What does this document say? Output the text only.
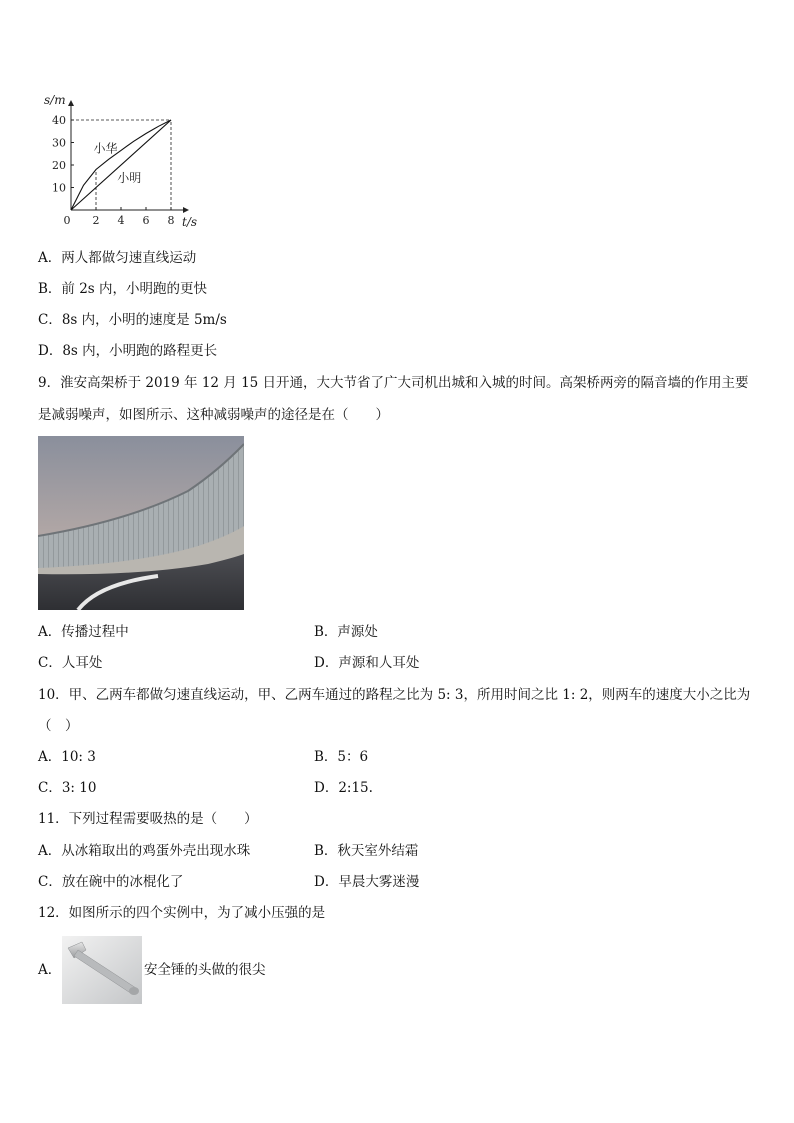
t/s
s/m
0 2 4 6 8
10
20
30
40
小华
小明
A．两人都做匀速直线运动
B．前 2s 内，小明跑的更快
C．8s 内，小明的速度是 5m/s
D．8s 内，小明跑的路程更长
9．淮安高架桥于 2019 年 12 月 15 日开通，大大节省了广大司机出城和入城的时间。高架桥两旁的隔音墙的作用主要
是减弱噪声，如图所示、这种减弱噪声的途径是在（　　）
A．传播过程中	B．声源处
C．人耳处	D．声源和人耳处
10．甲、乙两车都做匀速直线运动，甲、乙两车通过的路程之比为 5: 3，所用时间之比 1: 2，则两车的速度大小之比为
（　）
A．10: 3	B．5：6
C．3: 10	D．2:15.
11．下列过程需要吸热的是（　　）
A．从冰箱取出的鸡蛋外壳出现水珠	B．秋天室外结霜
C．放在碗中的冰棍化了	D．早晨大雾迷漫
12．如图所示的四个实例中，为了减小压强的是
A．	安全锤的头做的很尖
